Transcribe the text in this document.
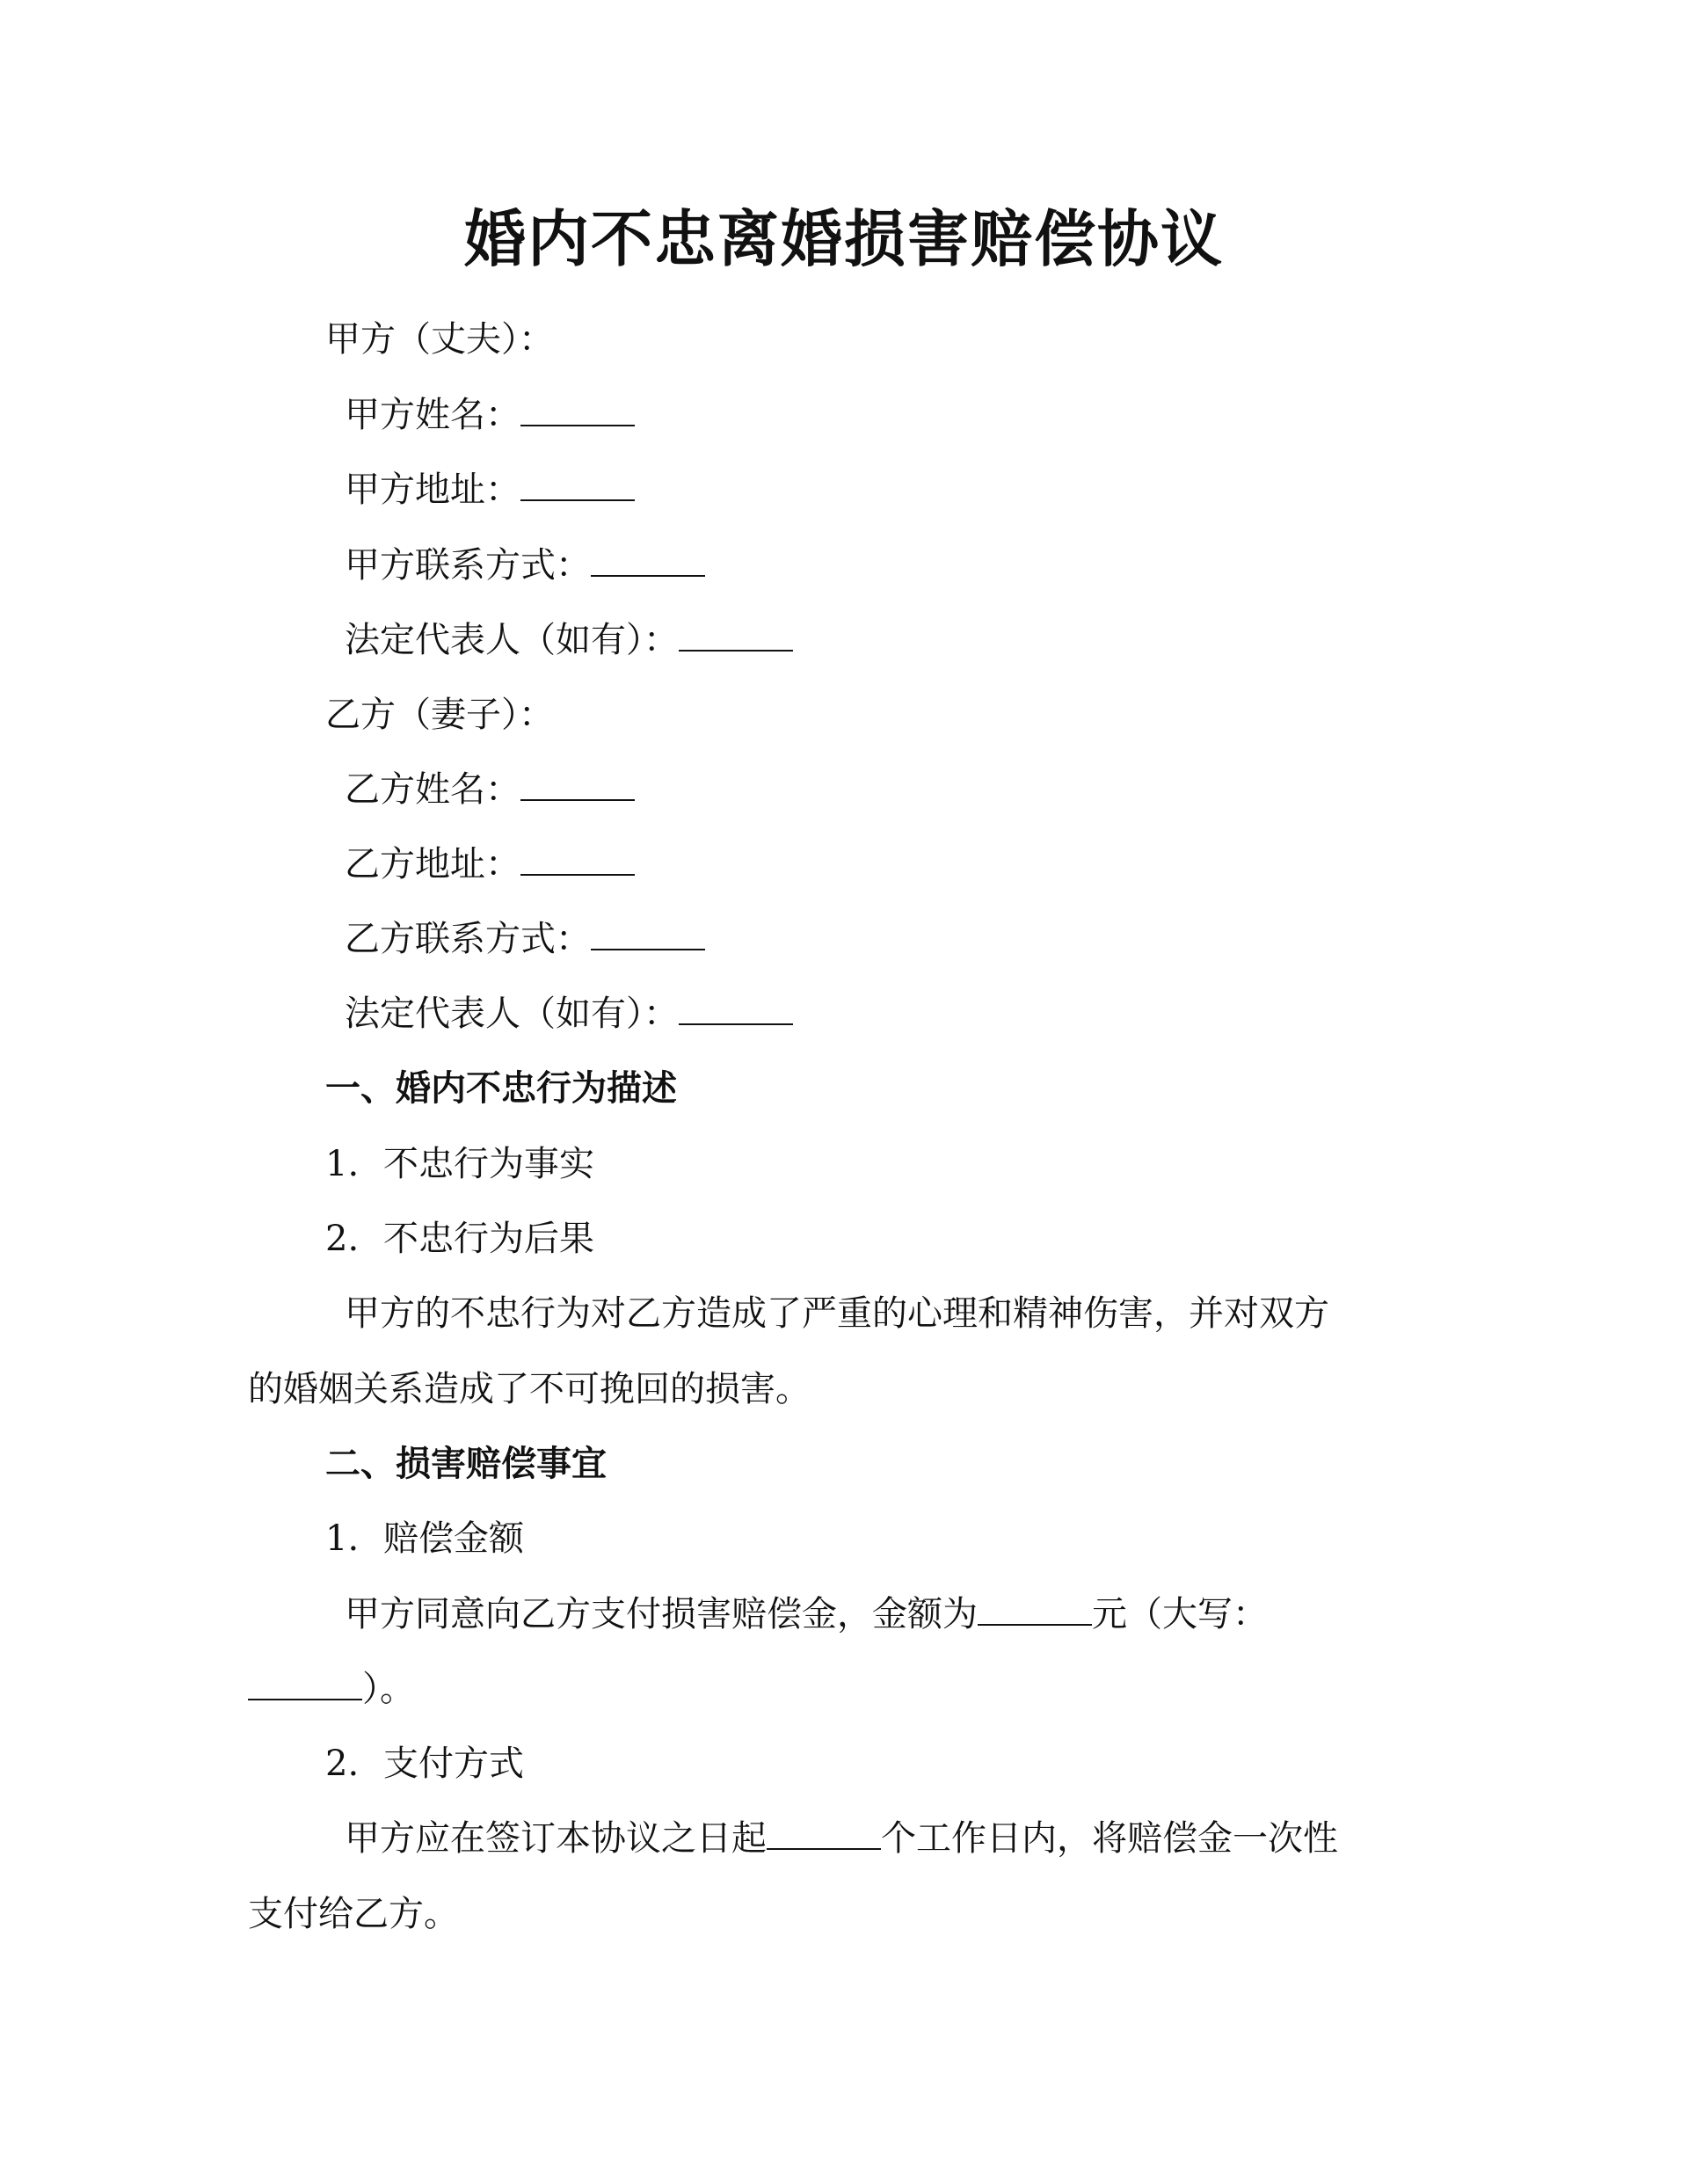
婚内不忠离婚损害赔偿协议
甲方（丈夫）：
甲方姓名：
甲方地址：
甲方联系方式：
法定代表人（如有）：
乙方（妻子）：
乙方姓名：
乙方地址：
乙方联系方式：
法定代表人（如有）：
一、婚内不忠行为描述
1. 不忠行为事实
2. 不忠行为后果
甲方的不忠行为对乙方造成了严重的心理和精神伤害，并对双方
的婚姻关系造成了不可挽回的损害。
二、损害赔偿事宜
1. 赔偿金额
甲方同意向乙方支付损害赔偿金，金额为	元（大写：
）。
2. 支付方式
甲方应在签订本协议之日起	个工作日内，将赔偿金一次性
支付给乙方。
